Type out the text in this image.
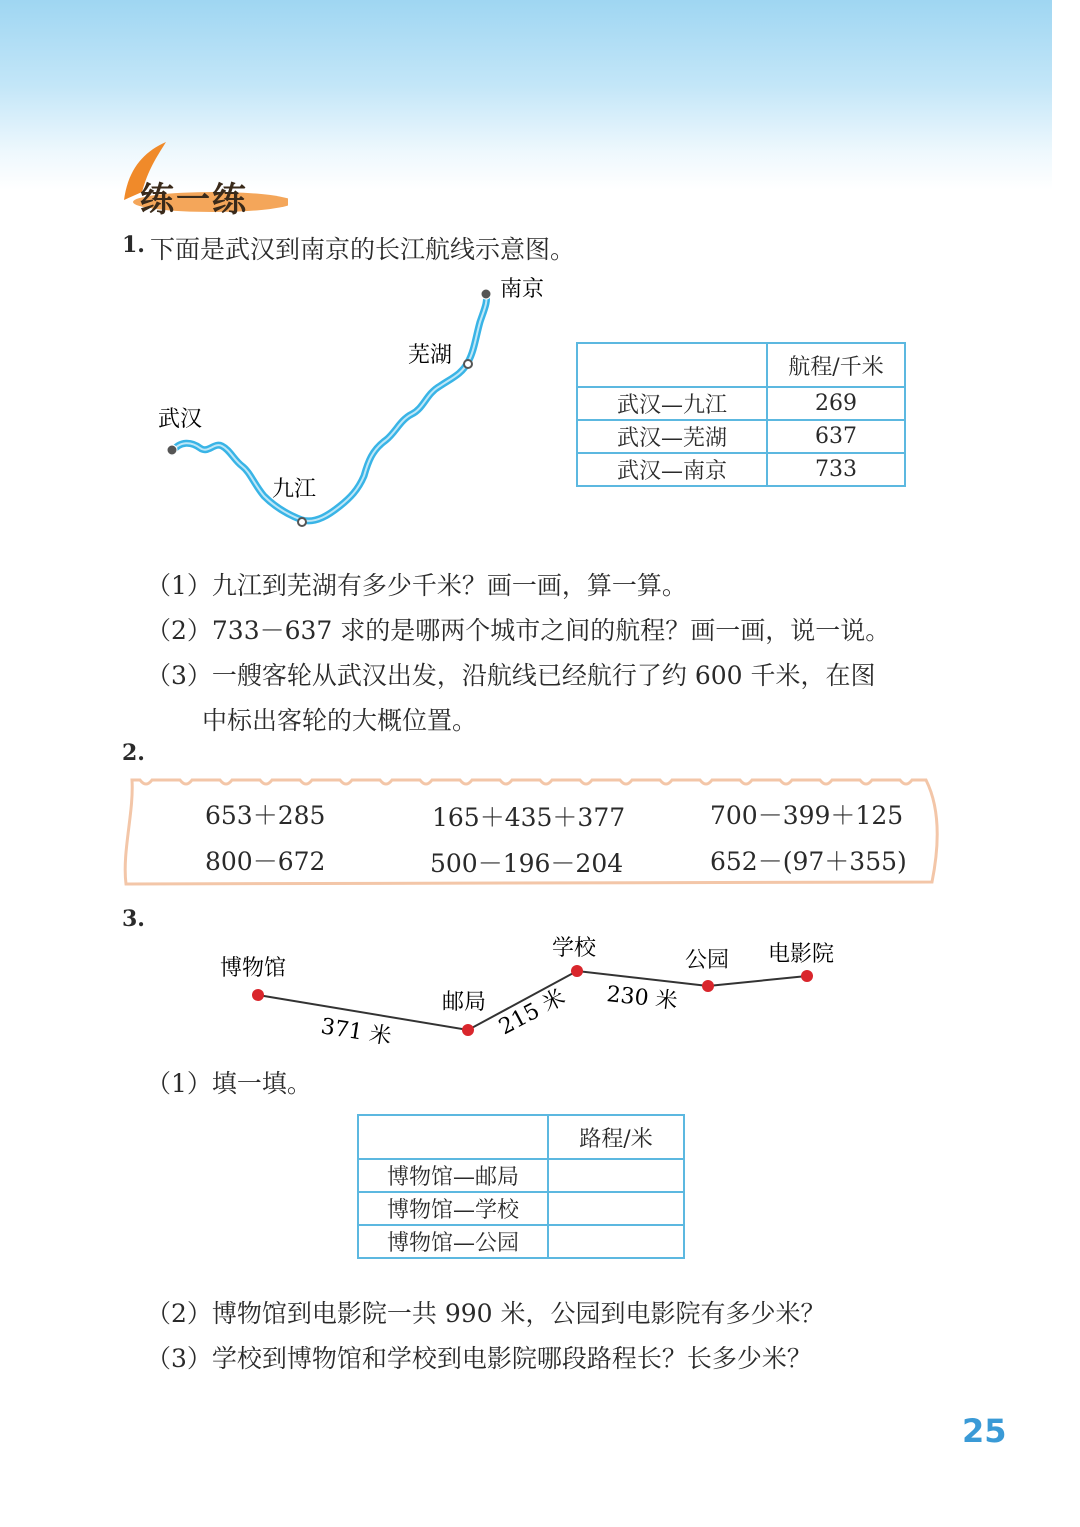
练一练
1. 下面是武汉到南京的长江航线示意图。
武汉
九江
芜湖
南京
	航程/千米
武汉—九江	269
武汉—芜湖	637
武汉—南京	733
（1）九江到芜湖有多少千米？画一画，算一算。
（2）733－637 求的是哪两个城市之间的航程？画一画，说一说。
（3）一艘客轮从武汉出发，沿航线已经航行了约 600 千米，在图
中标出客轮的大概位置。
2.
653＋285	165＋435＋377	700－399＋125
800－672	500－196－204	652－(97＋355)
3.
博物馆
邮局
学校	公园 电影院
371 米	215 米 230 米
（1）填一填。
	路程/米
博物馆—邮局	
博物馆—学校	
博物馆—公园	
（2）博物馆到电影院一共 990 米，公园到电影院有多少米？
（3）学校到博物馆和学校到电影院哪段路程长？长多少米？
25
